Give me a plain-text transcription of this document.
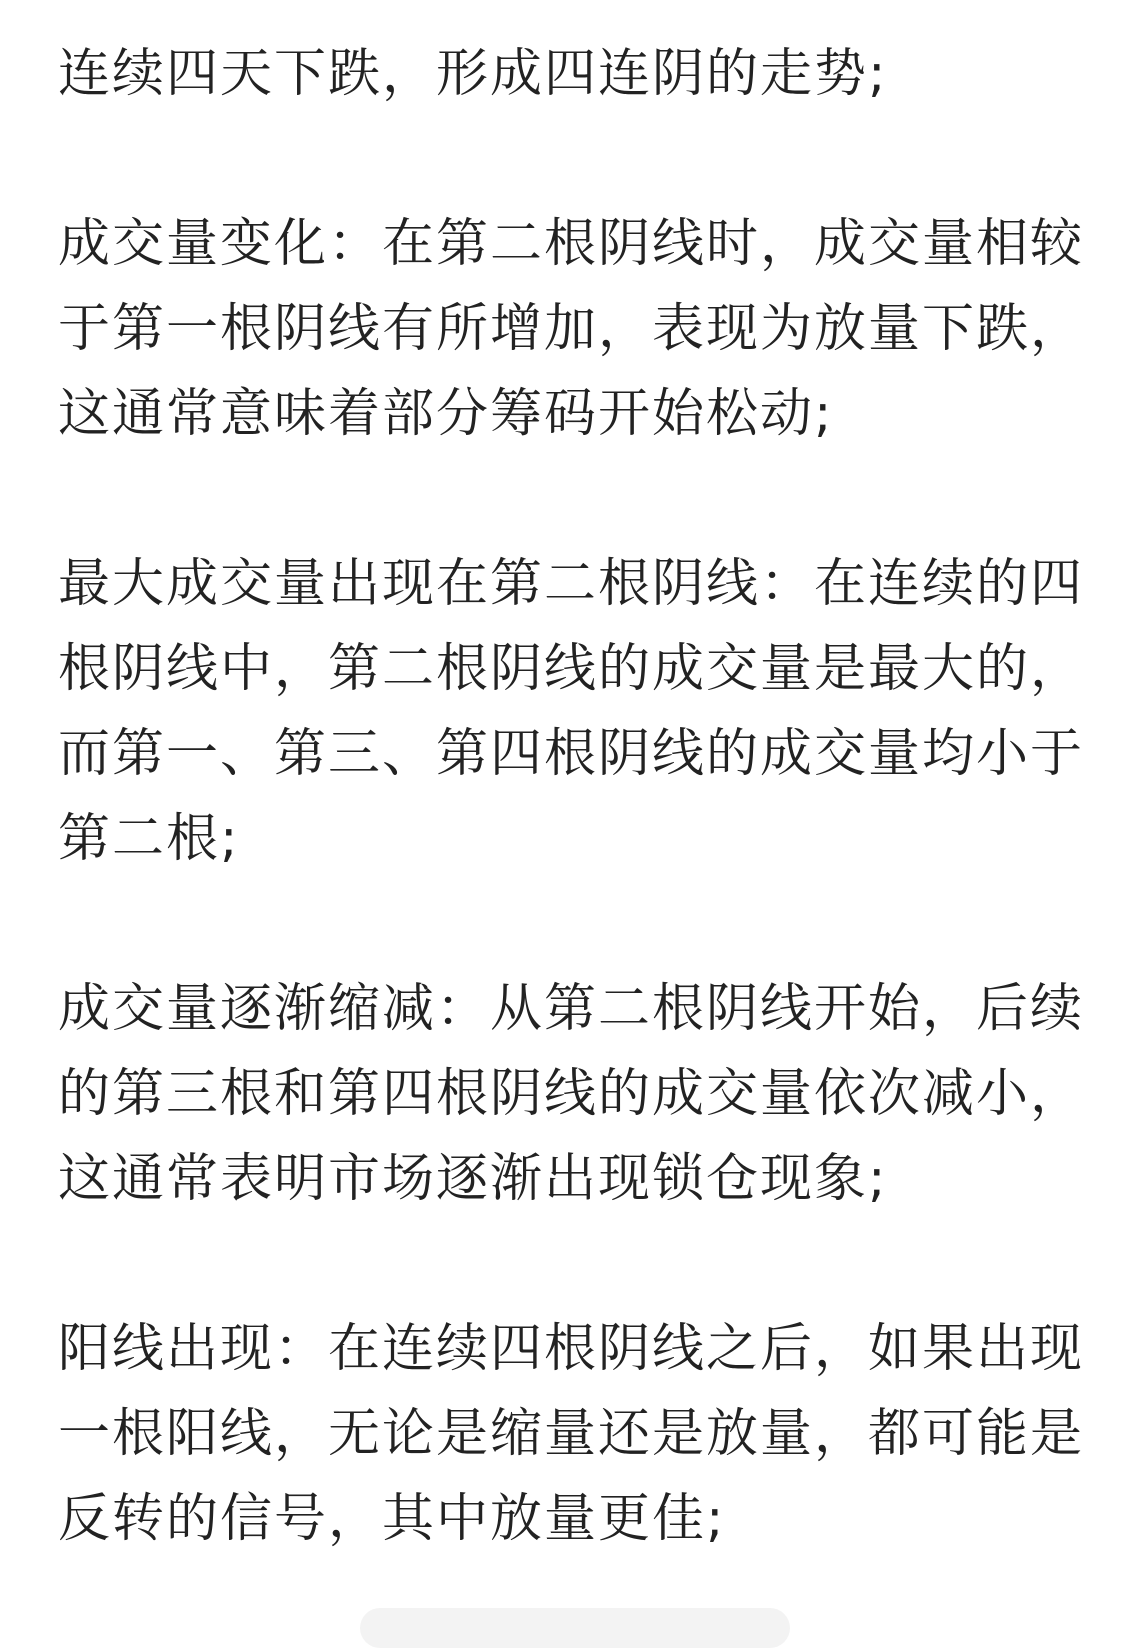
连续四天下跌，形成四连阴的走势;

成交量变化：在第二根阴线时，成交量相较于第一根阴线有所增加，表现为放量下跌，这通常意味着部分筹码开始松动;

最大成交量出现在第二根阴线：在连续的四根阴线中，第二根阴线的成交量是最大的，而第一、第三、第四根阴线的成交量均小于第二根;

成交量逐渐缩减：从第二根阴线开始，后续的第三根和第四根阴线的成交量依次减小，这通常表明市场逐渐出现锁仓现象;

阳线出现：在连续四根阴线之后，如果出现一根阳线，无论是缩量还是放量，都可能是反转的信号，其中放量更佳;
